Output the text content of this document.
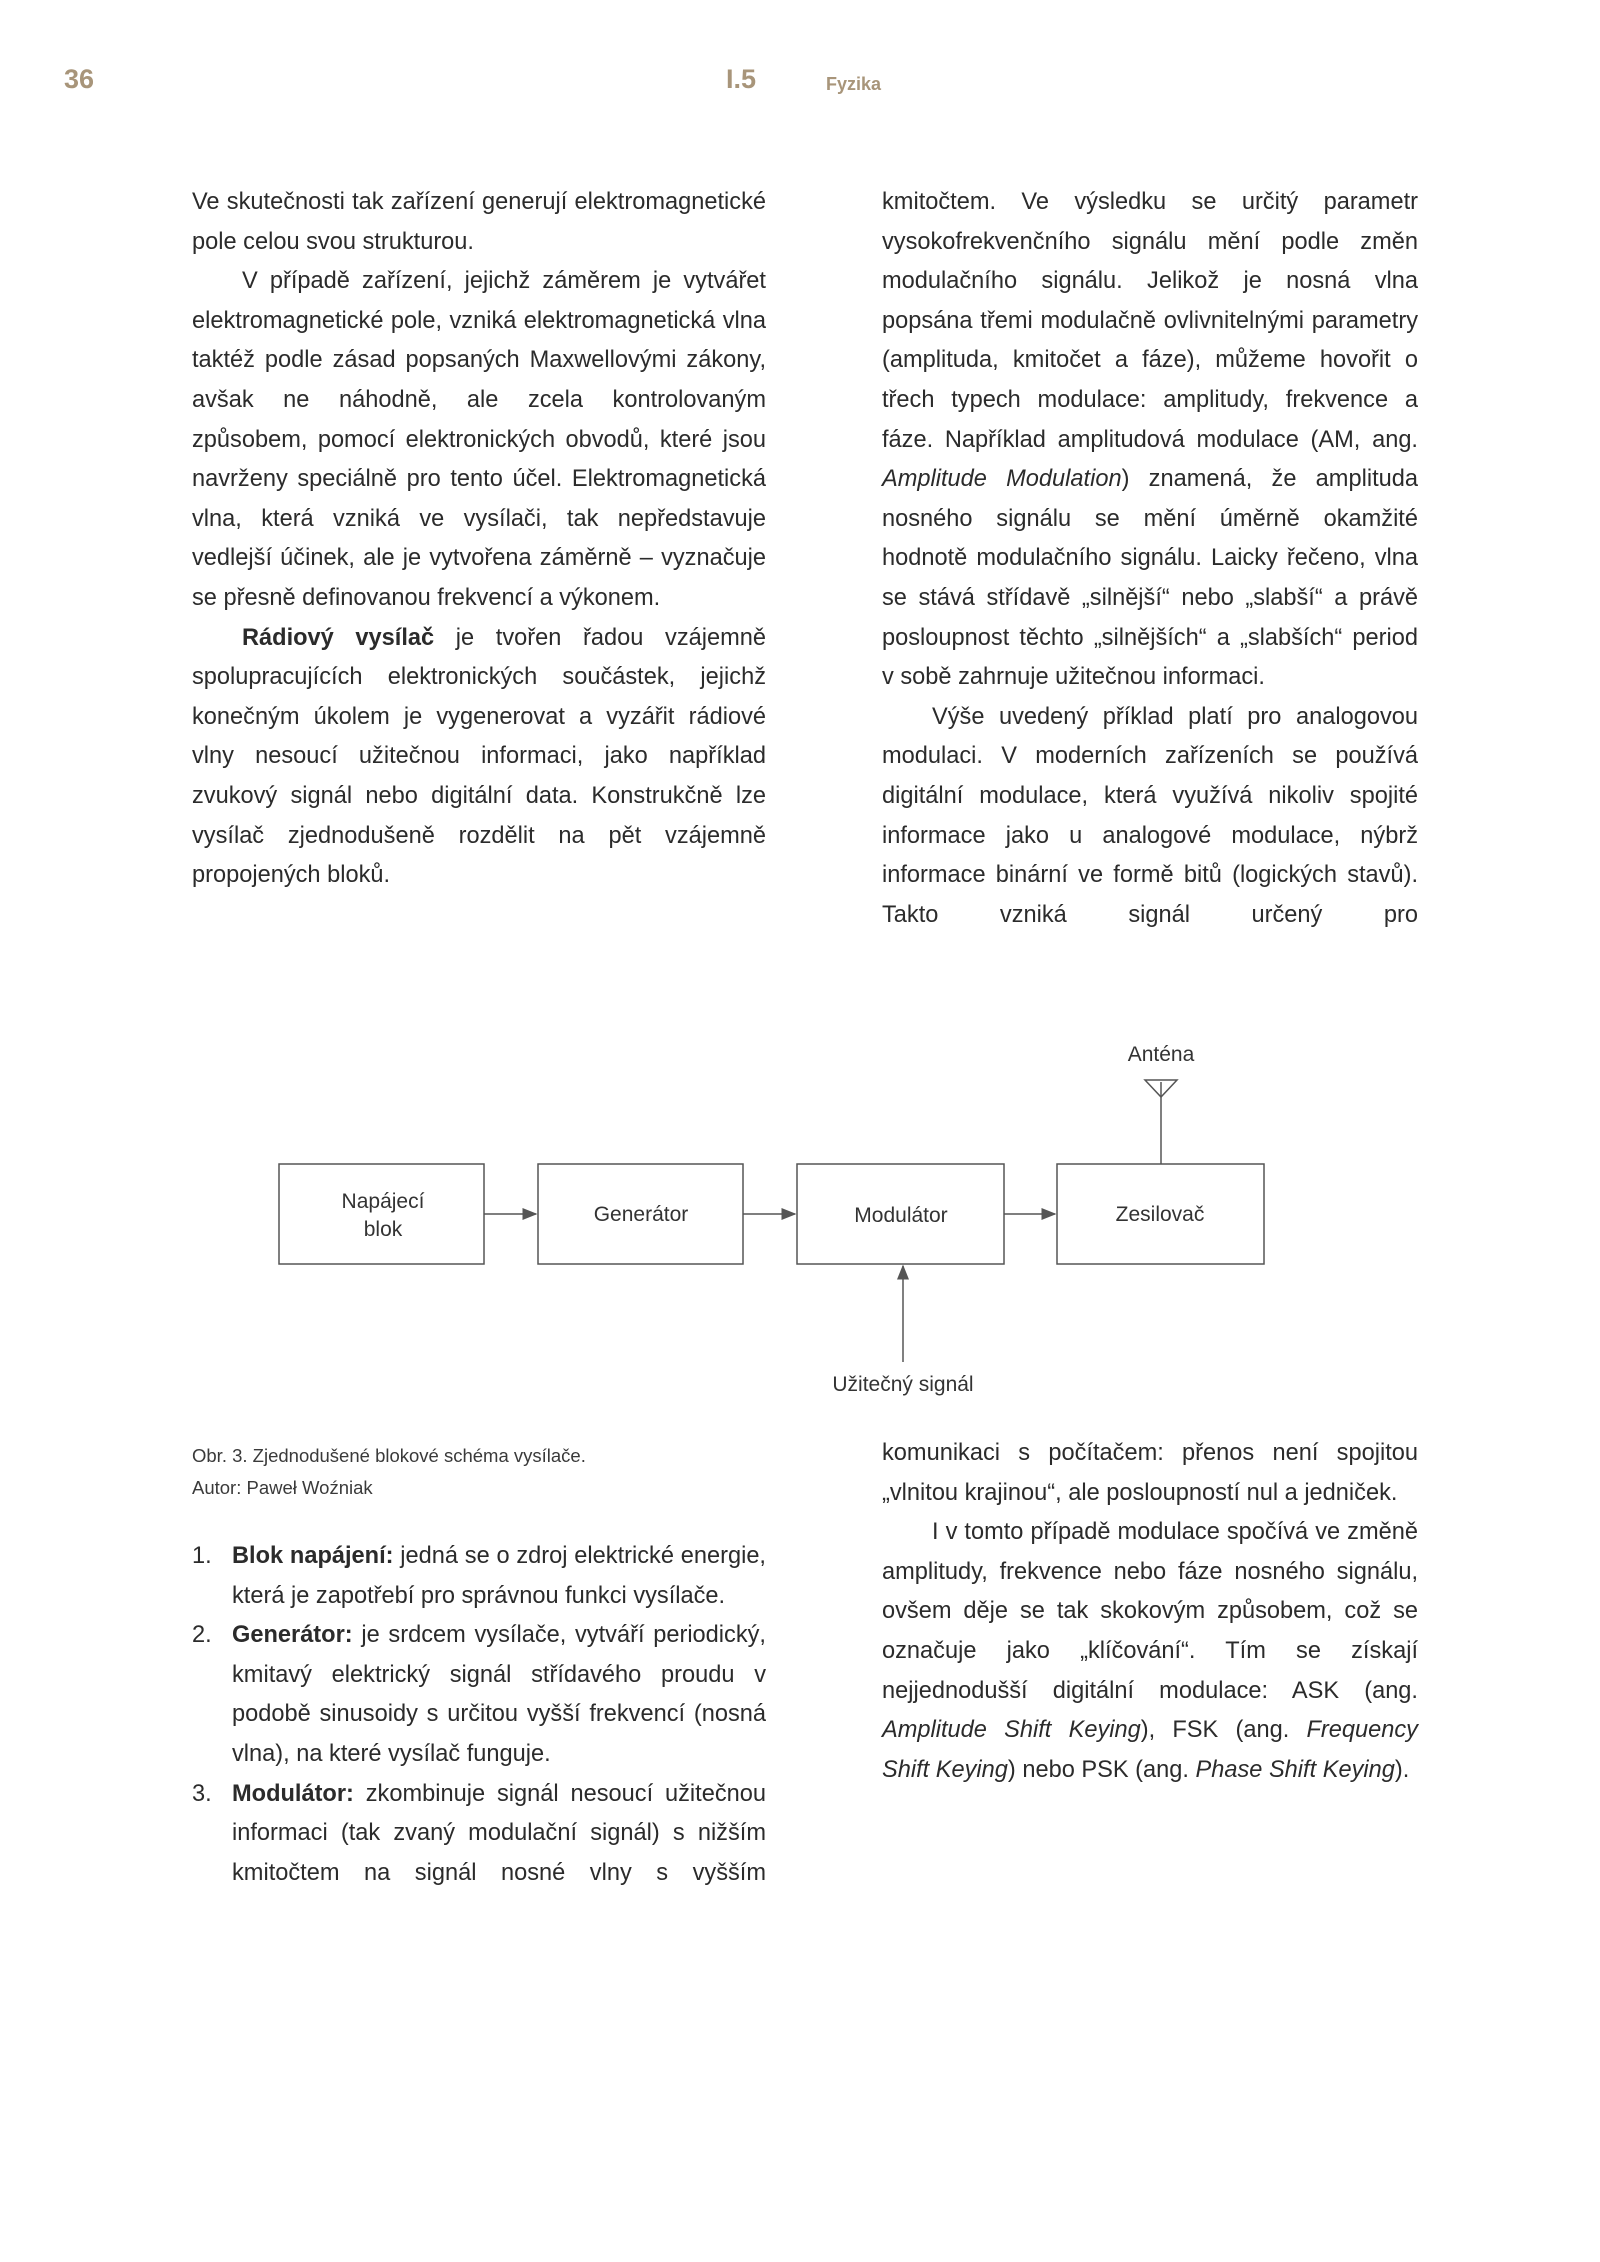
36	I.5	Fyzika

Ve skutečnosti tak zařízení generují elektromagnetické pole celou svou strukturou.

V případě zařízení, jejichž záměrem je vytvářet elektromagnetické pole, vzniká elektromagnetická vlna taktéž podle zásad popsaných Maxwellovými zákony, avšak ne náhodně, ale zcela kontrolovaným způsobem, pomocí elektronických obvodů, které jsou navrženy speciálně pro tento účel. Elektromagnetická vlna, která vzniká ve vysílači, tak nepředstavuje vedlejší účinek, ale je vytvořena záměrně – vyznačuje se přesně definovanou frekvencí a výkonem.

Rádiový vysílač je tvořen řadou vzájemně spolupracujících elektronických součástek, jejichž konečným úkolem je vygenerovat a vyzářit rádiové vlny nesoucí užitečnou informaci, jako například zvukový signál nebo digitální data. Konstrukčně lze vysílač zjednodušeně rozdělit na pět vzájemně propojených bloků.

kmitočtem. Ve výsledku se určitý parametr vysokofrekvenčního signálu mění podle změn modulačního signálu. Jelikož je nosná vlna popsána třemi modulačně ovlivnitelnými parametry (amplituda, kmitočet a fáze), můžeme hovořit o třech typech modulace: amplitudy, frekvence a fáze. Například amplitudová modulace (AM, ang. Amplitude Modulation) znamená, že amplituda nosného signálu se mění úměrně okamžité hodnotě modulačního signálu. Laicky řečeno, vlna se stává střídavě „silnější“ nebo „slabší“ a právě posloupnost těchto „silnějších“ a „slabších“ period v sobě zahrnuje užitečnou informaci.

Výše uvedený příklad platí pro analogovou modulaci. V moderních zařízeních se používá digitální modulace, která využívá nikoliv spojité informace jako u analogové modulace, nýbrž informace binární ve formě bitů (logických stavů). Takto vzniká signál určený pro

Anténa
Napájecí
blok
Generátor	Modulátor	Zesilovač
Užitečný signál
Obr. 3. Zjednodušené blokové schéma vysílače.
Autor: Paweł Woźniak
1. Blok napájení: jedná se o zdroj elektrické energie, která je zapotřebí pro správnou funkci vysílače.
2. Generátor: je srdcem vysílače, vytváří periodický, kmitavý elektrický signál střídavého proudu v podobě sinusoidy s určitou vyšší frekvencí (nosná vlna), na které vysílač funguje.
3. Modulátor: zkombinuje signál nesoucí užitečnou informaci (tak zvaný modulační signál) s nižším kmitočtem na signál nosné vlny s vyšším

komunikaci s počítačem: přenos není spojitou „vlnitou krajinou“, ale posloupností nul a jedniček.

I v tomto případě modulace spočívá ve změně amplitudy, frekvence nebo fáze nosného signálu, ovšem děje se tak skokovým způsobem, což se označuje jako „klíčování“. Tím se získají nejjednodušší digitální modulace: ASK (ang. Amplitude Shift Keying), FSK (ang. Frequency Shift Keying) nebo PSK (ang. Phase Shift Keying).
